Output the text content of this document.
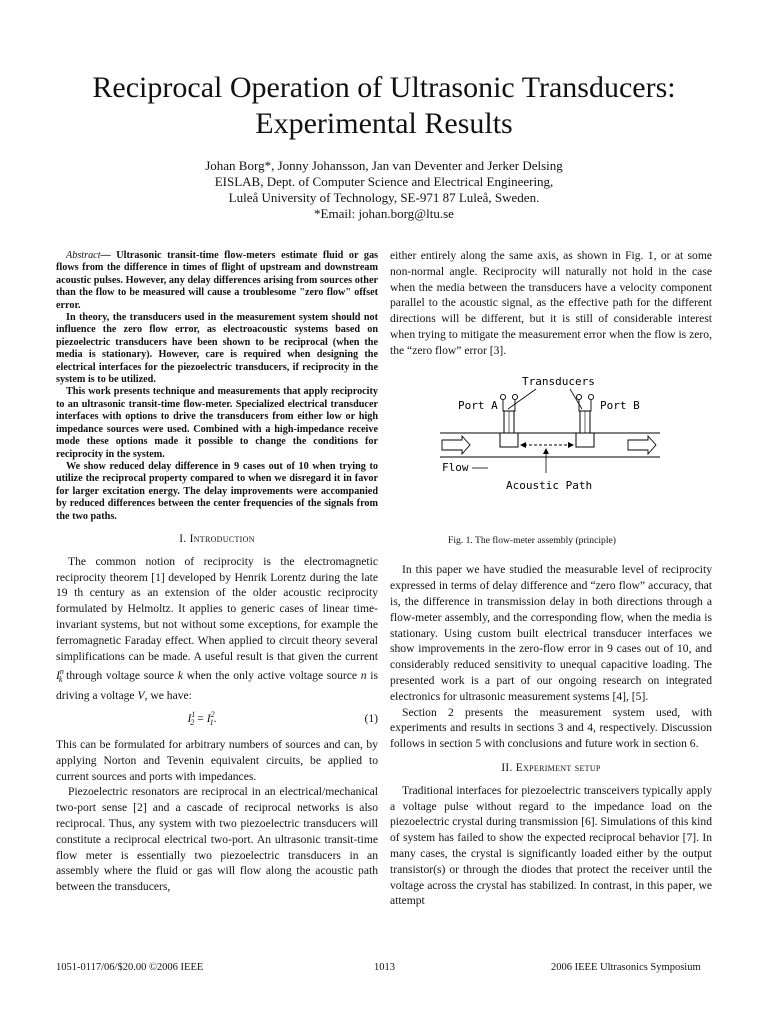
Reciprocal Operation of Ultrasonic Transducers:
Experimental Results
Johan Borg*, Jonny Johansson, Jan van Deventer and Jerker Delsing
EISLAB, Dept. of Computer Science and Electrical Engineering,
Luleå University of Technology, SE-971 87 Luleå, Sweden.
*Email: johan.borg@ltu.se

Abstract— Ultrasonic transit-time flow-meters estimate fluid or gas flows from the difference in times of flight of upstream and downstream acoustic pulses. However, any delay differences arising from sources other than the flow to be measured will cause a troublesome "zero flow" offset error.

In theory, the transducers used in the measurement system should not influence the zero flow error, as electroacoustic systems based on piezoelectric transducers have been shown to be reciprocal (when the media is stationary). However, care is required when designing the electrical interfaces for the piezoelectric transducers, if reciprocity in the system is to be utilized.

This work presents technique and measurements that apply reciprocity to an ultrasonic transit-time flow-meter. Specialized electrical transducer interfaces with options to drive the transducers from either low or high impedance sources were used. Combined with a high-impedance receive mode these options made it possible to change the conditions for reciprocity in the system.

We show reduced delay difference in 9 cases out of 10 when trying to utilize the reciprocal property compared to when we disregard it in favor for larger excitation energy. The delay improvements were accompanied by reduced differences between the center frequencies of the signals from the two paths.

I. Introduction

The common notion of reciprocity is the electromagnetic reciprocity theorem [1] developed by Henrik Lorentz during the late 19 th century as an extension of the older acoustic reciprocity formulated by Helmoltz. It applies to generic cases of linear time-invariant systems, but not without some exceptions, for example the ferromagnetic Faraday effect. When applied to circuit theory several simplifications can be made. A useful result is that given the current $I^n_k$ through voltage source k when the only active voltage source n is driving a voltage V, we have:

$I^1_2 = I^2_1$.	(1)

This can be formulated for arbitrary numbers of sources and can, by applying Norton and Tevenin equivalent circuits, be applied to current sources and ports with impedances.

Piezoelectric resonators are reciprocal in an electrical/mechanical two-port sense [2] and a cascade of reciprocal networks is also reciprocal. Thus, any system with two piezoelectric transducers will constitute a reciprocal electrical two-port. An ultrasonic transit-time flow meter is essentially two piezoelectric transducers in an assembly where the fluid or gas will flow along the acoustic path between the transducers,

either entirely along the same axis, as shown in Fig. 1, or at some non-normal angle. Reciprocity will naturally not hold in the case when the media between the transducers have a velocity component parallel to the acoustic signal, as the effective path for the different directions will be different, but it is still of considerable interest when trying to mitigate the measurement error when the flow is zero, the “zero flow” error [3].

Transducers
Port A	Port B
Flow
Acoustic Path
Fig. 1. The flow-meter assembly (principle)

In this paper we have studied the measurable level of reciprocity expressed in terms of delay difference and “zero flow” accuracy, that is, the difference in transmission delay in both directions through a flow-meter assembly, and the corresponding flow, when the media is stationary. Using custom built electrical transducer interfaces we show improvements in the zero-flow error in 9 cases out of 10, and considerably reduced sensitivity to unequal capacitive loading. The presented work is a part of our ongoing research on integrated electronics for ultrasonic measurement systems [4], [5].

Section 2 presents the measurement system used, with experiments and results in sections 3 and 4, respectively. Discussion follows in section 5 with conclusions and future work in section 6.

II. Experiment setup

Traditional interfaces for piezoelectric transceivers typically apply a voltage pulse without regard to the impedance load on the piezoelectric crystal during transmission [6]. Simulations of this kind of system has failed to show the expected reciprocal behavior [7]. In many cases, the crystal is significantly loaded either by the output transistor(s) or through the diodes that protect the receiver until the voltage across the crystal has stabilized. In contrast, in this paper, we attempt

1051-0117/06/$20.00 ©2006 IEEE	1013	2006 IEEE Ultrasonics Symposium
